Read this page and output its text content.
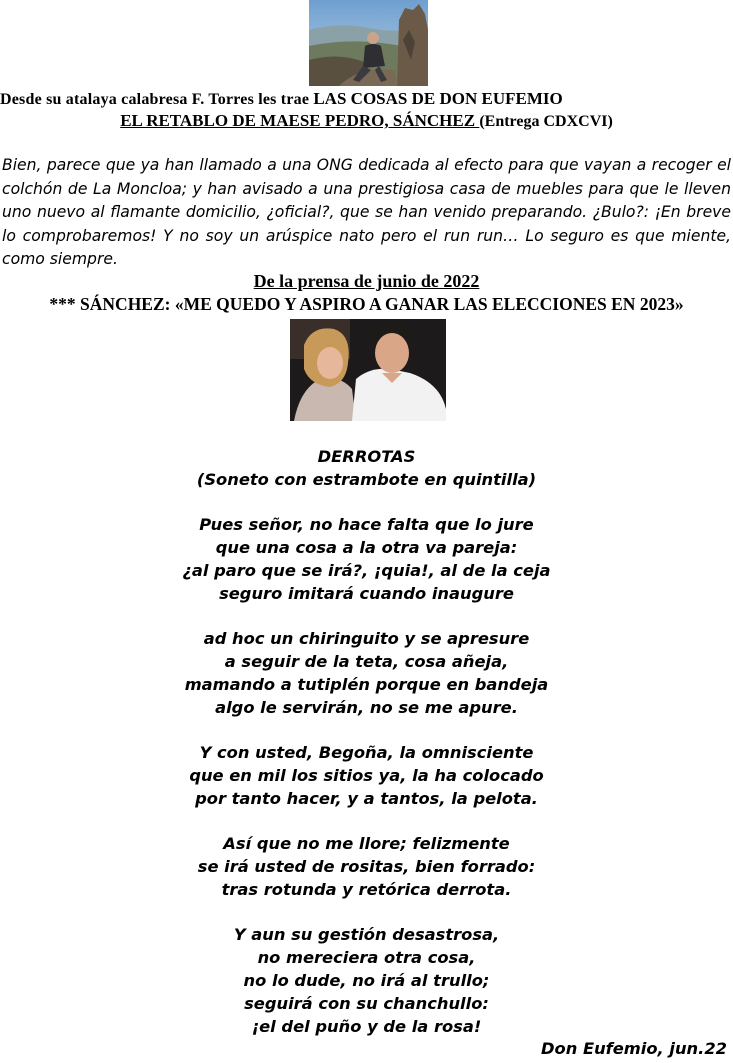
Desde su atalaya calabresa F. Torres les trae LAS COSAS DE DON EUFEMIO
EL RETABLO DE MAESE PEDRO, SÁNCHEZ (Entrega CDXCVI)
Bien, parece que ya han llamado a una ONG dedicada al efecto para que vayan a recoger el colchón de La Moncloa; y han avisado a una prestigiosa casa de muebles para que le lleven uno nuevo al flamante domicilio, ¿oficial?, que se han venido preparando. ¿Bulo?: ¡En breve lo comprobaremos! Y no soy un arúspice nato pero el run run… Lo seguro es que miente, como siempre.
De la prensa de junio de 2022
*** SÁNCHEZ: «ME QUEDO Y ASPIRO A GANAR LAS ELECCIONES EN 2023»
DERROTAS
(Soneto con estrambote en quintilla)
Pues señor, no hace falta que lo jure
que una cosa a la otra va pareja:
¿al paro que se irá?, ¡quia!, al de la ceja
seguro imitará cuando inaugure
ad hoc un chiringuito y se apresure
a seguir de la teta, cosa añeja,
mamando a tutiplén porque en bandeja
algo le servirán, no se me apure.
Y con usted, Begoña, la omnisciente
que en mil los sitios ya, la ha colocado
por tanto hacer, y a tantos, la pelota.
Así que no me llore; felizmente
se irá usted de rositas, bien forrado:
tras rotunda y retórica derrota.
Y aun su gestión desastrosa,
no mereciera otra cosa,
no lo dude, no irá al trullo;
seguirá con su chanchullo:
¡el del puño y de la rosa!
Don Eufemio, jun.22
